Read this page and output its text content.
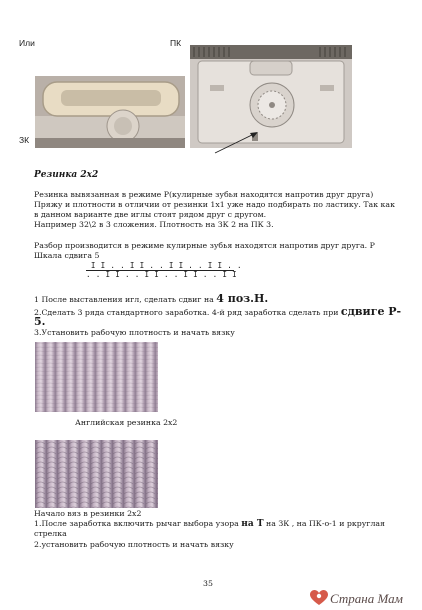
Или	ПК
ЗК
Резинка 2х2
Резинка вывязанная в режиме Р(кулирные зубья находятся напротив друг друга)
Пряжу и плотности в отличии от резинки 1х1 уже надо подбирать по ластику. Так как
в данном варианте две иглы стоят рядом друг с другом.
Например 32\2 в 3 сложения. Плотность на ЗК 2 на ПК 3.
Разбор производится в режиме кулирные зубья находятся напротив друг друга. Р
Шкала сдвига 5
I I . . I I . . I I . . I I . .
. . I I . . I I . . I I . . I I
1 После выставления игл, сделать сдвиг на 4 поз.Н.
2.Сделать 3 ряда стандартного заработка. 4-й ряд заработка сделать при сдвиге Р-
5.
3.Установить рабочую плотность и начать вязку
Английская резинка 2х2
Начало вяз в резинки 2х2
1.После заработка включить рычаг выбора узора на Т на ЗК , на ПК-о-1 и ркруглая
стрелка
2.установить рабочую плотность и начать вязку
35
Страна Мам
